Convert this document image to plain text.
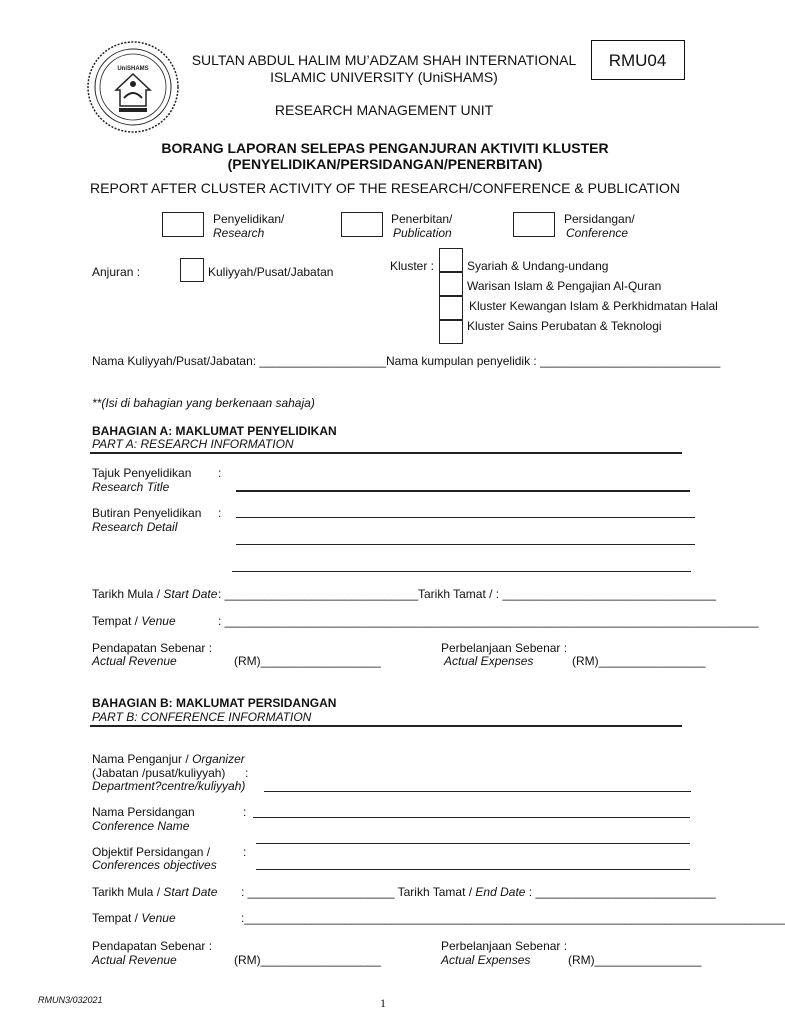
UniSHAMS
SULTAN ABDUL HALIM MU’ADZAM SHAH INTERNATIONAL
ISLAMIC UNIVERSITY (UniSHAMS)
RESEARCH MANAGEMENT UNIT
RMU04
BORANG LAPORAN SELEPAS PENGANJURAN AKTIVITI KLUSTER
(PENYELIDIKAN/PERSIDANGAN/PENERBITAN)
REPORT AFTER CLUSTER ACTIVITY OF THE RESEARCH/CONFERENCE & PUBLICATION
Penyelidikan/
Research
Penerbitan/
Publication
Persidangan/
Conference
Anjuran :	Kuliyyah/Pusat/Jabatan	Kluster :	Syariah & Undang-undang
Warisan Islam & Pengajian Al-Quran
Kluster Kewangan Islam & Perkhidmatan Halal
Kluster Sains Perubatan & Teknologi
Nama Kuliyyah/Pusat/Jabatan: ___________________ Nama kumpulan penyelidik : ___________________________
**(Isi di bahagian yang berkenaan sahaja)
BAHAGIAN A: MAKLUMAT PENYELIDIKAN
PART A: RESEARCH INFORMATION
Tajuk Penyelidikan
Research Title
:
Butiran Penyelidikan
Research Detail
:
Tarikh Mula / Start Date : _____________________________ Tarikh Tamat / : ________________________________
Tempat / Venue	: ________________________________________________________________________________
Pendapatan Sebenar :
Actual Revenue	(RM)__________________
Perbelanjaan Sebenar :
Actual Expenses	(RM)________________
BAHAGIAN B: MAKLUMAT PERSIDANGAN
PART B: CONFERENCE INFORMATION
Nama Penganjur / Organizer
(Jabatan /pusat/kuliyyah)
Department?centre/kuliyyah)
:
Nama Persidangan
Conference Name
:
Objektif Persidangan /
Conferences objectives
:
Tarikh Mula / Start Date : ______________________ Tarikh Tamat / End Date : ___________________________
Tempat / Venue	:_________________________________________________________________________________
Pendapatan Sebenar :
Actual Revenue	(RM)__________________
Perbelanjaan Sebenar :
Actual Expenses	(RM)________________
RMUN3/032021	1
